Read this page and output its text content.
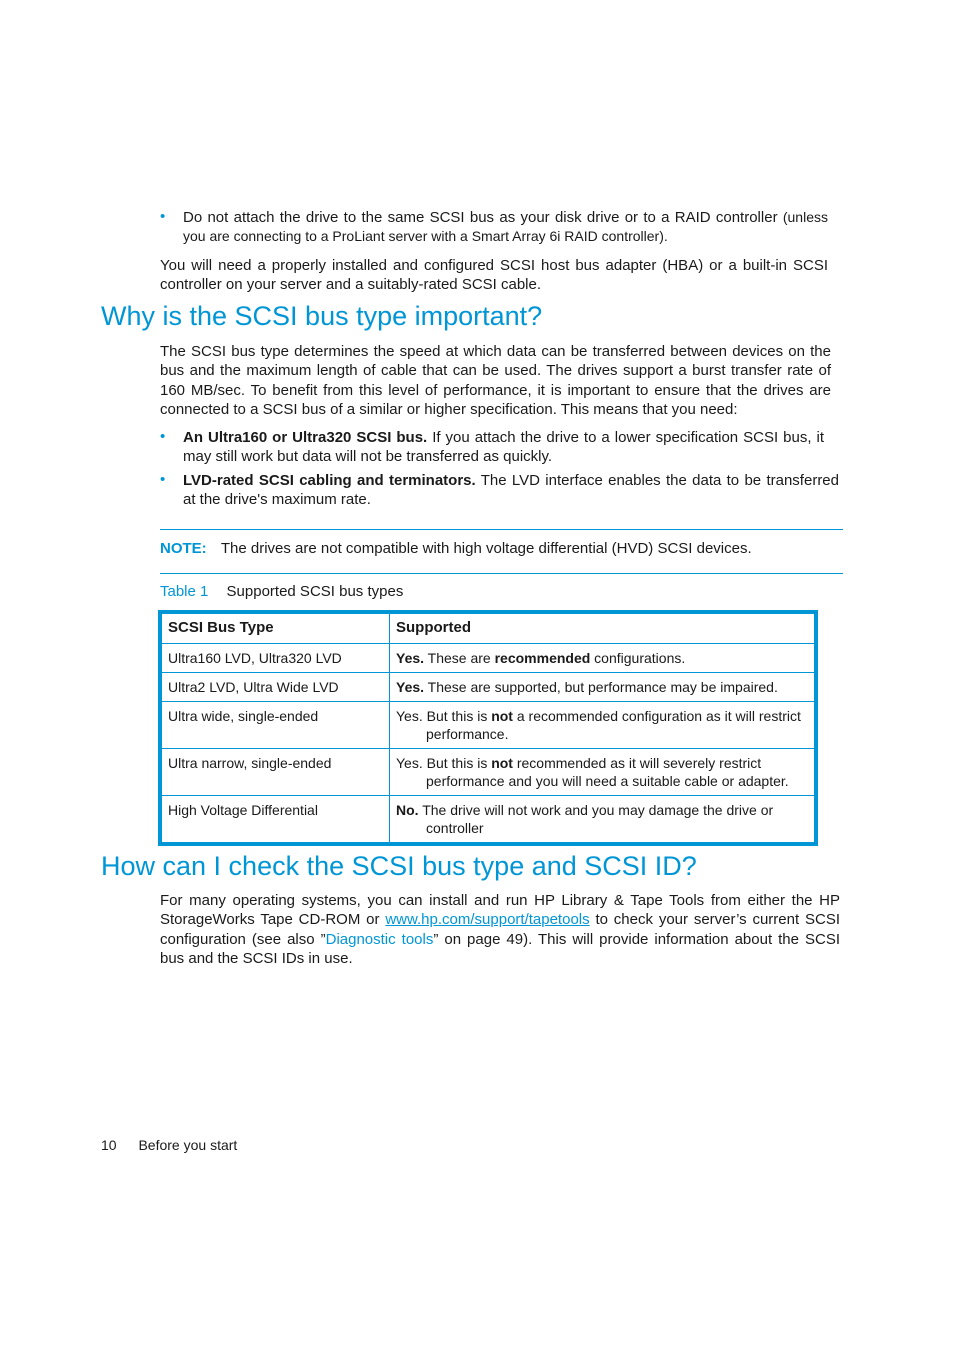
• Do not attach the drive to the same SCSI bus as your disk drive or to a RAID controller (unless you are connecting to a ProLiant server with a Smart Array 6i RAID controller).

You will need a properly installed and configured SCSI host bus adapter (HBA) or a built-in SCSI controller on your server and a suitably-rated SCSI cable.

Why is the SCSI bus type important?

The SCSI bus type determines the speed at which data can be transferred between devices on the bus and the maximum length of cable that can be used. The drives support a burst transfer rate of 160 MB/sec. To benefit from this level of performance, it is important to ensure that the drives are connected to a SCSI bus of a similar or higher specification. This means that you need:

• An Ultra160 or Ultra320 SCSI bus. If you attach the drive to a lower specification SCSI bus, it may still work but data will not be transferred as quickly.

• LVD-rated SCSI cabling and terminators. The LVD interface enables the data to be transferred at the drive's maximum rate.

NOTE: The drives are not compatible with high voltage differential (HVD) SCSI devices.
Table 1 Supported SCSI bus types
SCSI Bus Type	Supported
Ultra160 LVD, Ultra320 LVD	Yes. These are recommended configurations.

Ultra2 LVD, Ultra Wide LVD	Yes. These are supported, but performance may be impaired.

Ultra wide, single-ended	Yes. But this is not a recommended configuration as it will restrict performance.

Ultra narrow, single-ended	Yes. But this is not recommended as it will severely restrict performance and you will need a suitable cable or adapter.

High Voltage Differential	No. The drive will not work and you may damage the drive or controller
How can I check the SCSI bus type and SCSI ID?

For many operating systems, you can install and run HP Library & Tape Tools from either the HP StorageWorks Tape CD-ROM or www.hp.com/support/tapetools to check your server’s current SCSI configuration (see also ”Diagnostic tools” on page 49). This will provide information about the SCSI bus and the SCSI IDs in use.

10 Before you start
